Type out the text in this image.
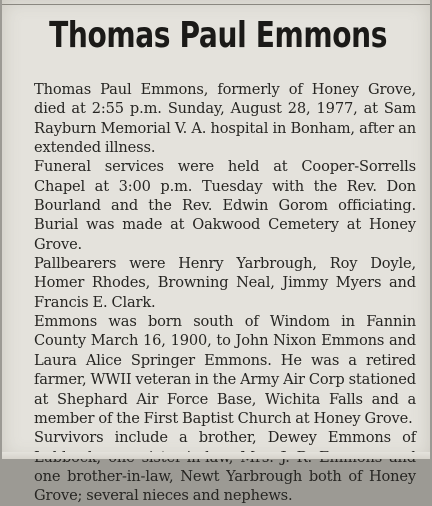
Thomas Paul Emmons

Thomas Paul Emmons, formerly of Honey Grove, died at 2:55 p.m. Sunday, August 28, 1977, at Sam Rayburn Memorial V. A. hospital in Bonham, after an extended illness.

Funeral services were held at Cooper-Sorrells Chapel at 3:00 p.m. Tuesday with the Rev. Don Bourland and the Rev. Edwin Gorom officiating. Burial was made at Oakwood Cemetery at Honey Grove.

Pallbearers were Henry Yarbrough, Roy Doyle, Homer Rhodes, Browning Neal, Jimmy Myers and Francis E. Clark.

Emmons was born south of Windom in Fannin County March 16, 1900, to John Nixon Emmons and Laura Alice Springer Emmons. He was a retired farmer, WWII veteran in the Army Air Corp stationed at Shephard Air Force Base, Wichita Falls and a member of the First Baptist Church at Honey Grove.

Survivors include a brother, Dewey Emmons of one brother-in-law, Newt Yarbrough both of Honey Grove; several nieces and nephews.
